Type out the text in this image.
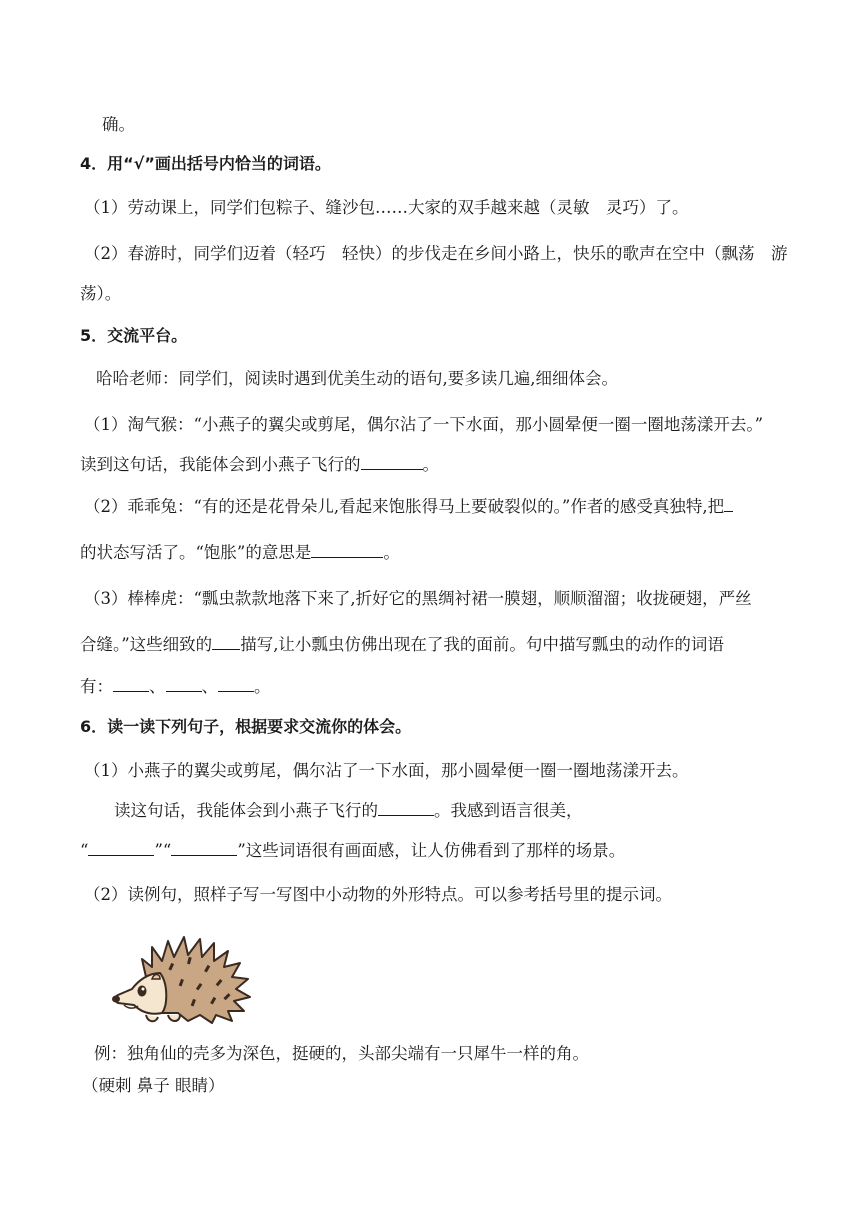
确。
4．用“√”画出括号内恰当的词语。
（1）劳动课上，同学们包粽子、缝沙包……大家的双手越来越（灵敏　灵巧）了。
（2）春游时，同学们迈着（轻巧　轻快）的步伐走在乡间小路上，快乐的歌声在空中（飘荡　游
荡）。
5．交流平台。
哈哈老师：同学们，阅读时遇到优美生动的语句,要多读几遍,细细体会。
（1）淘气猴：“小燕子的翼尖或剪尾，偶尔沾了一下水面，那小圆晕便一圈一圈地荡漾开去。”
读到这句话，我能体会到小燕子飞行的	。
（2）乖乖兔：“有的还是花骨朵儿,看起来饱胀得马上要破裂似的。”作者的感受真独特,把
的状态写活了。“饱胀”的意思是	。
（3）棒棒虎：“瓢虫款款地落下来了,折好它的黑绸衬裙一膜翅，顺顺溜溜；收拢硬翅，严丝
合缝。”这些细致的 描写,让小瓢虫仿佛出现在了我的面前。句中描写瓢虫的动作的词语
有： 、 、 。
6．读一读下列句子，根据要求交流你的体会。
（1）小燕子的翼尖或剪尾，偶尔沾了一下水面，那小圆晕便一圈一圈地荡漾开去。
读这句话，我能体会到小燕子飞行的	。我感到语言很美，
“	”“	”这些词语很有画面感，让人仿佛看到了那样的场景。
（2）读例句，照样子写一写图中小动物的外形特点。可以参考括号里的提示词。
例：独角仙的壳多为深色，挺硬的，头部尖端有一只犀牛一样的角。
（硬刺 鼻子 眼睛）
